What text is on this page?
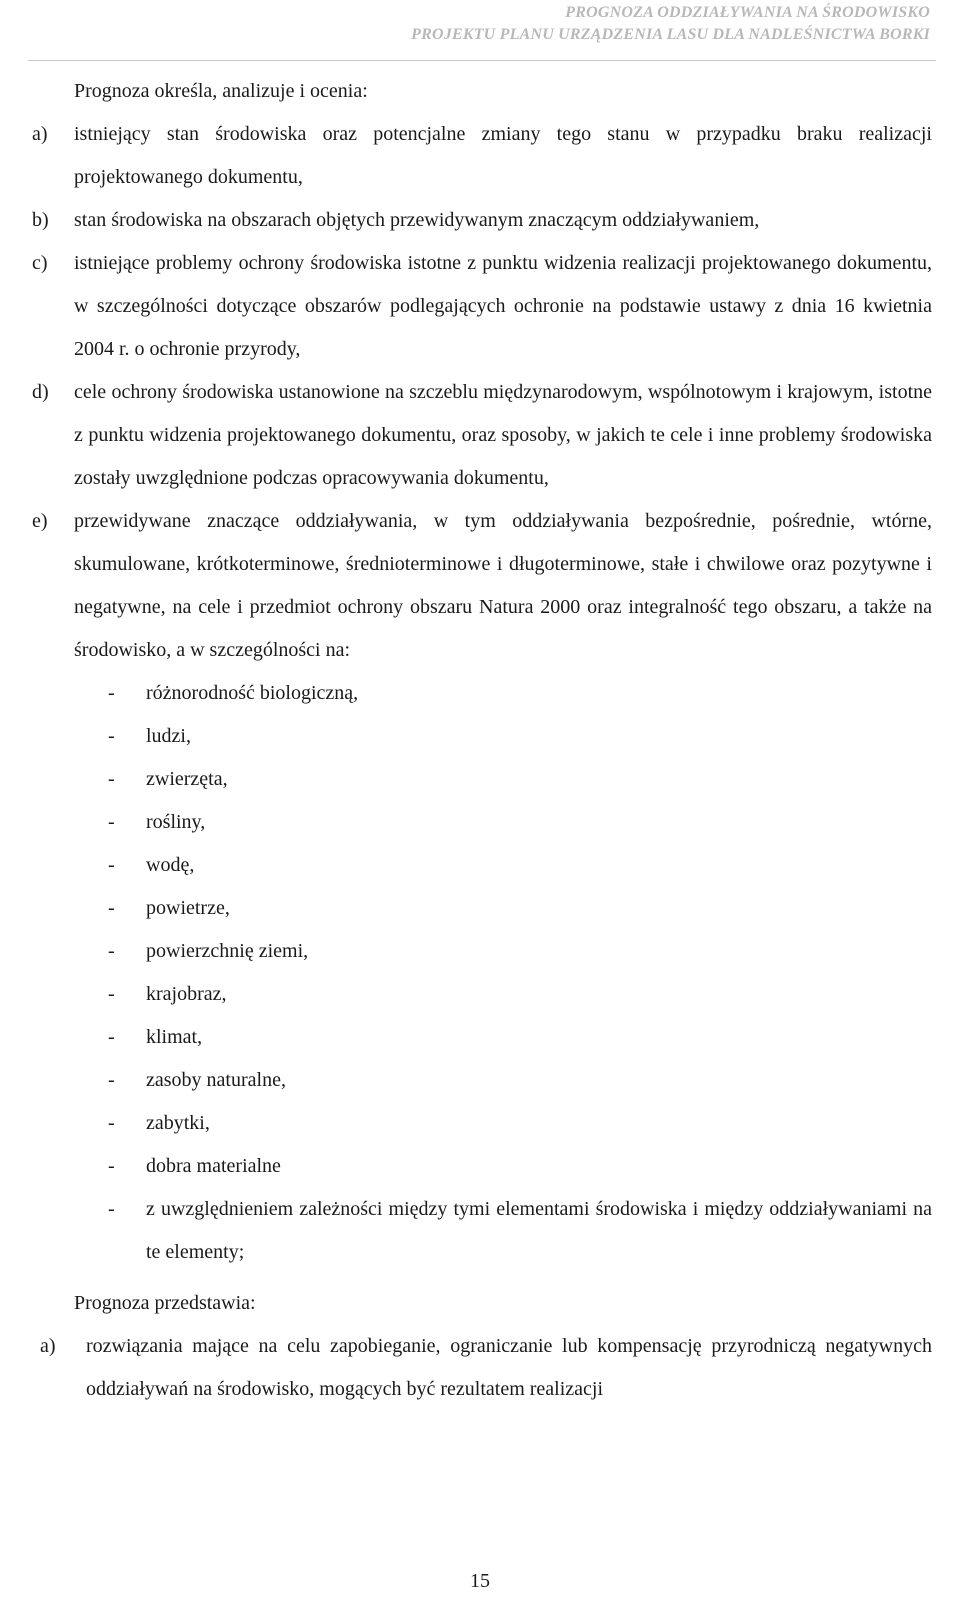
PROGNOZA ODDZIAŁYWANIA NA ŚRODOWISKO
PROJEKTU PLANU URZĄDZENIA LASU DLA NADLEŚNICTWA BORKI
Prognoza określa, analizuje i ocenia:
a)	istniejący stan środowiska oraz potencjalne zmiany tego stanu w przypadku braku realizacji projektowanego dokumentu,
b)	stan środowiska na obszarach objętych przewidywanym znaczącym oddziaływaniem,
c)	istniejące problemy ochrony środowiska istotne z punktu widzenia realizacji projektowanego dokumentu, w szczególności dotyczące obszarów podlegających ochronie na podstawie ustawy z dnia 16 kwietnia 2004 r. o ochronie przyrody,
d)	cele ochrony środowiska ustanowione na szczeblu międzynarodowym, wspólnotowym i krajowym, istotne z punktu widzenia projektowanego dokumentu, oraz sposoby, w jakich te cele i inne problemy środowiska zostały uwzględnione podczas opracowywania dokumentu,
e)	przewidywane znaczące oddziaływania, w tym oddziaływania bezpośrednie, pośrednie, wtórne, skumulowane, krótkoterminowe, średnioterminowe i długoterminowe, stałe i chwilowe oraz pozytywne i negatywne, na cele i przedmiot ochrony obszaru Natura 2000 oraz integralność tego obszaru, a także na środowisko, a w szczególności na:
-	różnorodność biologiczną,
-	ludzi,
-	zwierzęta,
-	rośliny,
-	wodę,
-	powietrze,
-	powierzchnię ziemi,
-	krajobraz,
-	klimat,
-	zasoby naturalne,
-	zabytki,
-	dobra materialne
-	z uwzględnieniem zależności między tymi elementami środowiska i między oddziaływaniami na te elementy;
Prognoza przedstawia:
a)	rozwiązania mające na celu zapobieganie, ograniczanie lub kompensację przyrodniczą negatywnych oddziaływań na środowisko, mogących być rezultatem realizacji
15
